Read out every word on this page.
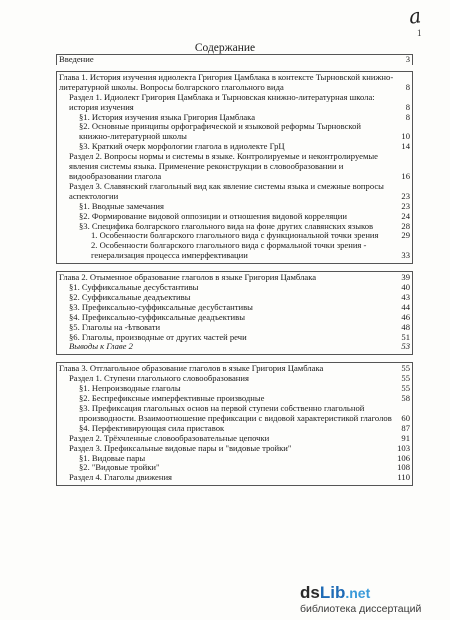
a
1
Содержание
Введение	3
Глава 1. История изучения идиолекта Григория Цамблака в контексте Тырновской книжно-литературной школы. Вопросы болгарского глагольного вида	8
Раздел 1. Идиолект Григория Цамблака и Тырновская книжно-литературная школа: история изучения	8
§1. История изучения языка Григория Цамблака	8
§2. Основные принципы орфографической и языковой реформы Тырновской книжно-литературной школы	10
§3. Краткий очерк морфологии глагола в идиолекте ГрЦ	14
Раздел 2. Вопросы нормы и системы в языке. Контролируемые и неконтролируемые явления системы языка. Применение реконструкции в словообразовании и видообразовании глагола	16
Раздел 3. Славянский глагольный вид как явление системы языка и смежные вопросы аспектологии	23
§1. Вводные замечания	23
§2. Формирование видовой оппозиции и отношения видовой корреляции	24
§3. Специфика болгарского глагольного вида на фоне других славянских языков	28
1. Особенности болгарского глагольного вида с функциональной точки зрения	29
2. Особенности болгарского глагольного вида с формальной точки зрения - генерализация процесса имперфективации	33
Глава 2. Отыменное образование глаголов в языке Григория Цамблака	39
§1. Суффиксальные десубстантивы	40
§2. Суффиксальные деадъективы	43
§3. Префиксально-суффиксальные десубстантивы	44
§4. Префиксально-суффиксальные деадъективы	46
§5. Глаголы на -ѣтвовати	48
§6. Глаголы, производные от других частей речи	51
Выводы к Главе 2	53
Глава 3. Отглагольное образование глаголов в языке Григория Цамблака	55
Раздел 1. Ступени глагольного словообразования	55
§1. Непроизводные глаголы	55
§2. Беспрефиксные имперфективные производные	58
§3. Префиксация глагольных основ на первой ступени собственно глагольной производности. Взаимоотношение префиксации с видовой характеристикой глаголов	60
§4. Перфективирующая сила приставок	87
Раздел 2. Трёхчленные словообразовательные цепочки	91
Раздел 3. Префиксальные видовые пары и "видовые тройки"	103
§1. Видовые пары	106
§2. "Видовые тройки"	108
Раздел 4. Глаголы движения	110
dsLib.net
библиотека диссертаций
